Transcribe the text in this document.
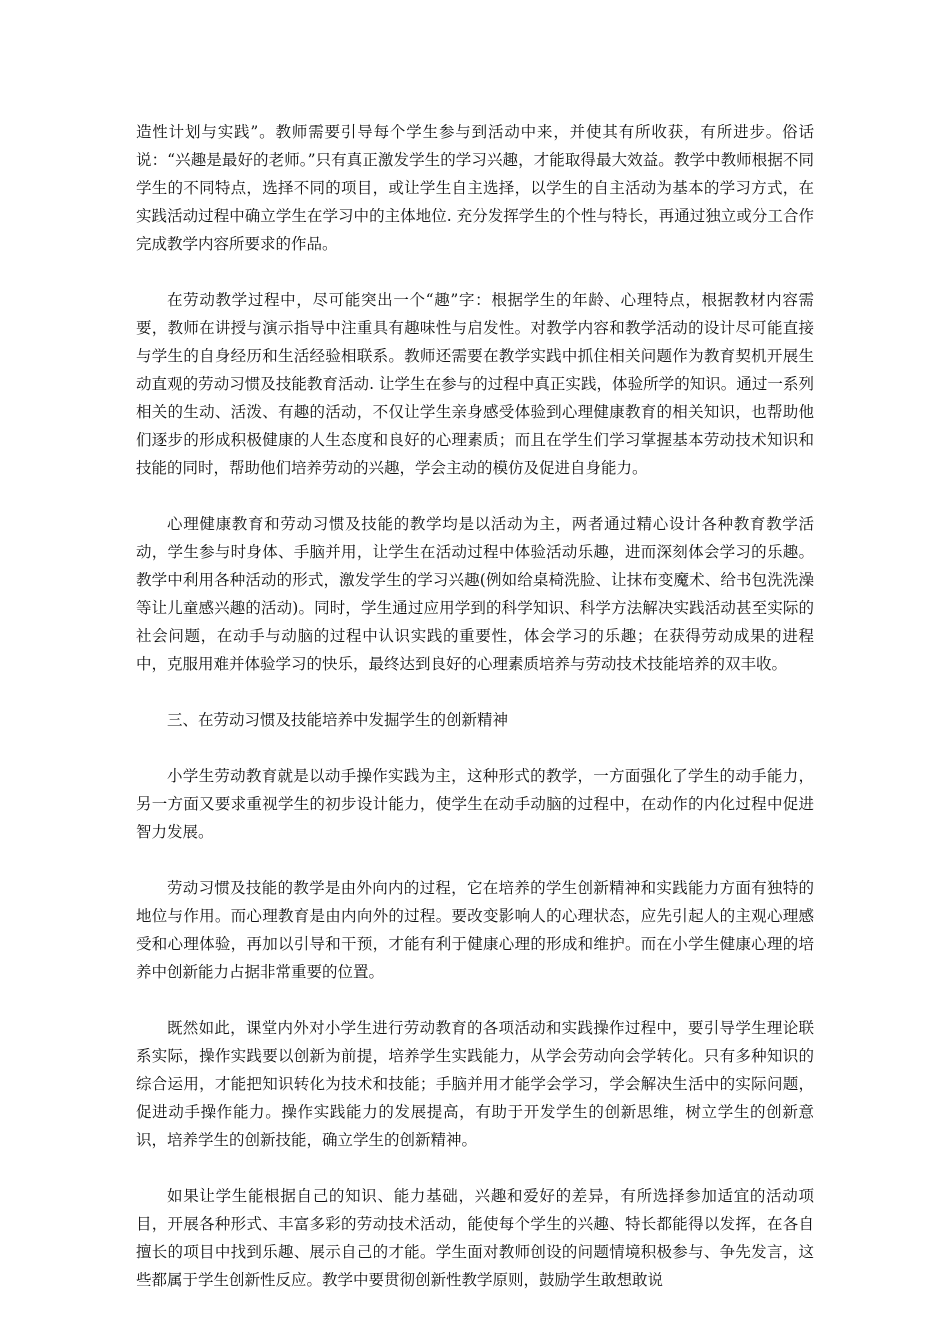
造性计划与实践”。教师需要引导每个学生参与到活动中来，并使其有所收获，有所进步。俗话说：“兴趣是最好的老师。”只有真正激发学生的学习兴趣，才能取得最大效益。教学中教师根据不同学生的不同特点，选择不同的项目，或让学生自主选择，以学生的自主活动为基本的学习方式，在实践活动过程中确立学生在学习中的主体地位. 充分发挥学生的个性与特长，再通过独立或分工合作完成教学内容所要求的作品。

在劳动教学过程中，尽可能突出一个“趣”字：根据学生的年龄、心理特点，根据教材内容需要，教师在讲授与演示指导中注重具有趣味性与启发性。对教学内容和教学活动的设计尽可能直接与学生的自身经历和生活经验相联系。教师还需要在教学实践中抓住相关问题作为教育契机开展生动直观的劳动习惯及技能教育活动. 让学生在参与的过程中真正实践，体验所学的知识。通过一系列相关的生动、活泼、有趣的活动，不仅让学生亲身感受体验到心理健康教育的相关知识，也帮助他们逐步的形成积极健康的人生态度和良好的心理素质；而且在学生们学习掌握基本劳动技术知识和技能的同时，帮助他们培养劳动的兴趣，学会主动的模仿及促进自身能力。

心理健康教育和劳动习惯及技能的教学均是以活动为主，两者通过精心设计各种教育教学活动，学生参与时身体、手脑并用，让学生在活动过程中体验活动乐趣，进而深刻体会学习的乐趣。教学中利用各种活动的形式，激发学生的学习兴趣(例如给桌椅洗脸、让抹布变魔术、给书包洗洗澡等让儿童感兴趣的活动)。同时，学生通过应用学到的科学知识、科学方法解决实践活动甚至实际的社会问题，在动手与动脑的过程中认识实践的重要性，体会学习的乐趣；在获得劳动成果的进程中，克服用难并体验学习的快乐，最终达到良好的心理素质培养与劳动技术技能培养的双丰收。

三、在劳动习惯及技能培养中发掘学生的创新精神

小学生劳动教育就是以动手操作实践为主，这种形式的教学，一方面强化了学生的动手能力，另一方面又要求重视学生的初步设计能力，使学生在动手动脑的过程中，在动作的内化过程中促进智力发展。

劳动习惯及技能的教学是由外向内的过程，它在培养的学生创新精神和实践能力方面有独特的地位与作用。而心理教育是由内向外的过程。要改变影响人的心理状态，应先引起人的主观心理感受和心理体验，再加以引导和干预，才能有利于健康心理的形成和维护。而在小学生健康心理的培养中创新能力占据非常重要的位置。

既然如此，课堂内外对小学生进行劳动教育的各项活动和实践操作过程中，要引导学生理论联系实际，操作实践要以创新为前提，培养学生实践能力，从学会劳动向会学转化。只有多种知识的综合运用，才能把知识转化为技术和技能；手脑并用才能学会学习，学会解决生活中的实际问题，促进动手操作能力。操作实践能力的发展提高，有助于开发学生的创新思维，树立学生的创新意识，培养学生的创新技能，确立学生的创新精神。

如果让学生能根据自己的知识、能力基础，兴趣和爱好的差异，有所选择参加适宜的活动项目，开展各种形式、丰富多彩的劳动技术活动，能使每个学生的兴趣、特长都能得以发挥，在各自擅长的项目中找到乐趣、展示自己的才能。学生面对教师创设的问题情境积极参与、争先发言，这些都属于学生创新性反应。教学中要贯彻创新性教学原则，鼓励学生敢想敢说
